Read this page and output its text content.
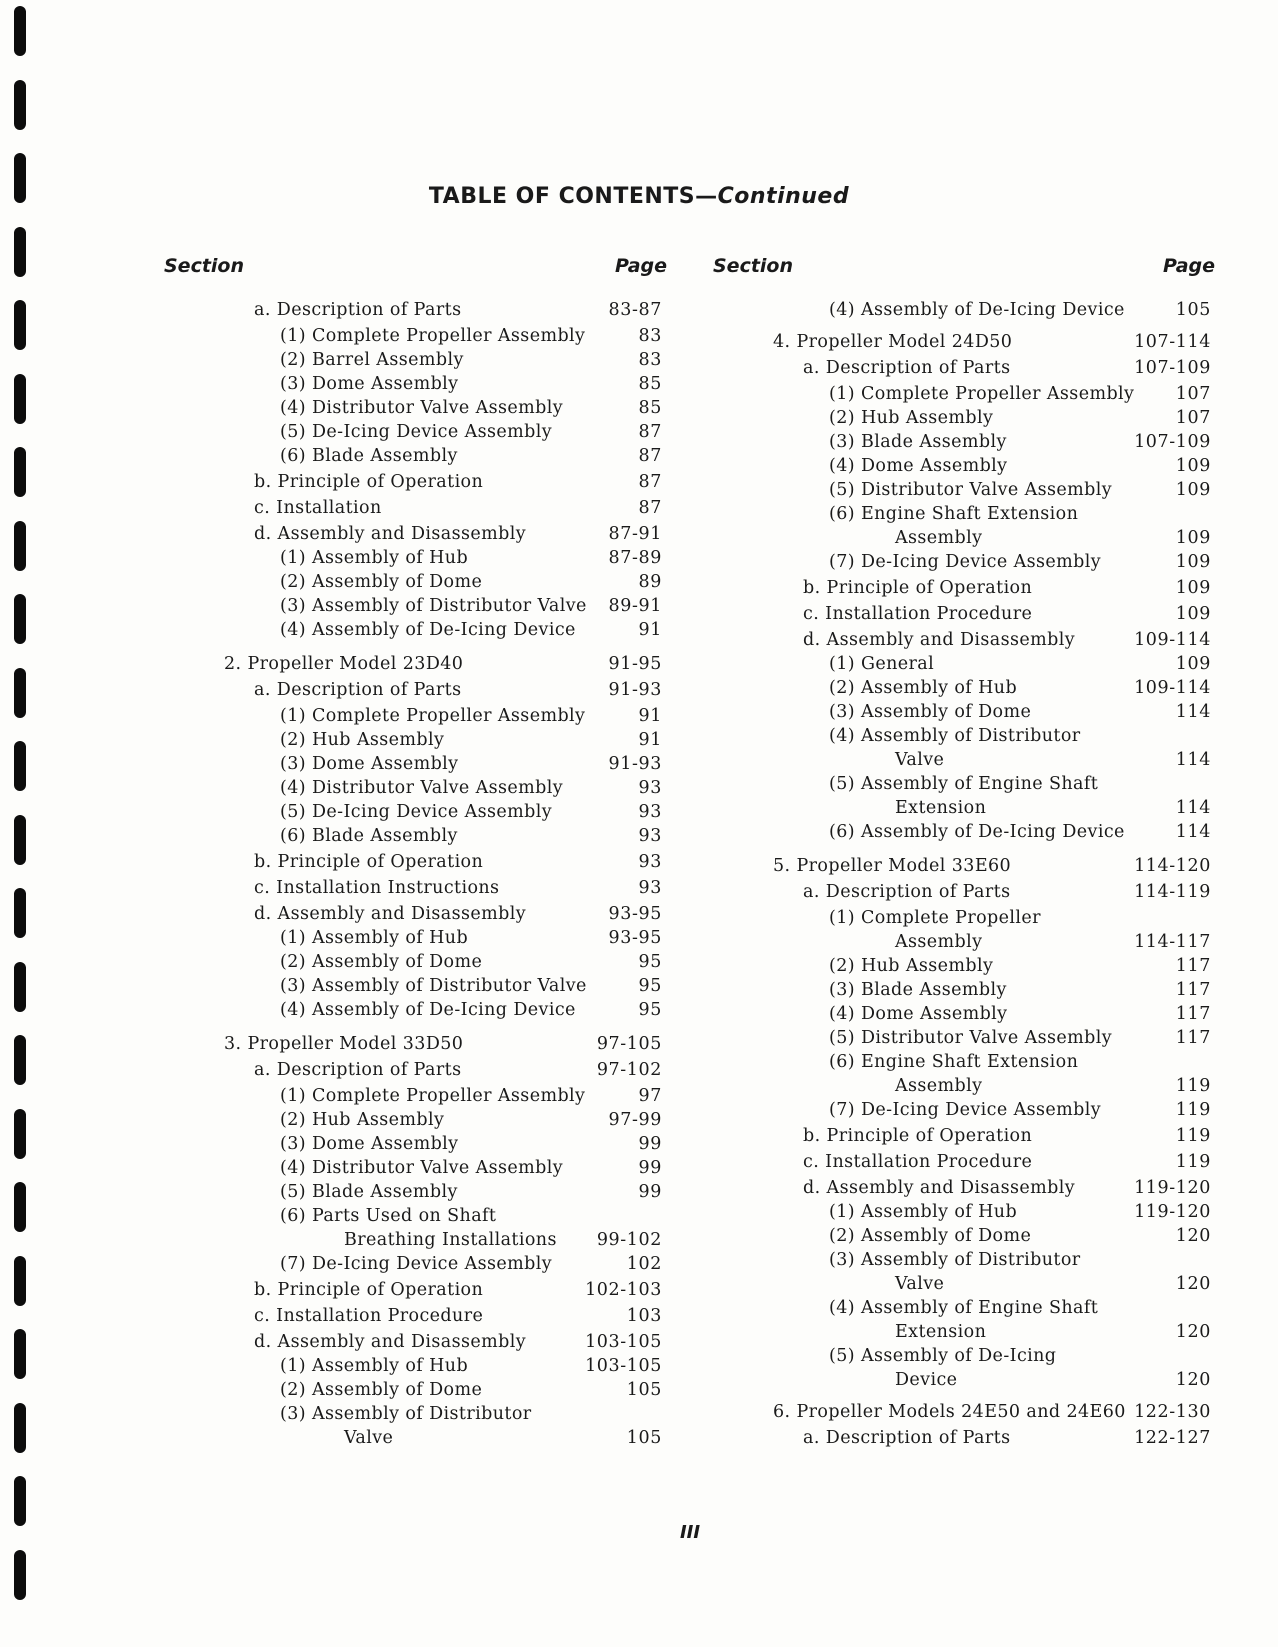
TABLE OF CONTENTS—Continued
Section	Page Section	Page
a. Description of Parts	83-87
(1) Complete Propeller Assembly	83
(2) Barrel Assembly	83
(3) Dome Assembly	85
(4) Distributor Valve Assembly	85
(5) De-Icing Device Assembly	87
(6) Blade Assembly	87
b. Principle of Operation	87
c. Installation	87
d. Assembly and Disassembly	87-91
(1) Assembly of Hub	87-89
(2) Assembly of Dome	89
(3) Assembly of Distributor Valve 89-91
(4) Assembly of De-Icing Device	91
2. Propeller Model 23D40	91-95
a. Description of Parts	91-93
(1) Complete Propeller Assembly	91
(2) Hub Assembly	91
(3) Dome Assembly	91-93
(4) Distributor Valve Assembly	93
(5) De-Icing Device Assembly	93
(6) Blade Assembly	93
b. Principle of Operation	93
c. Installation Instructions	93
d. Assembly and Disassembly	93-95
(1) Assembly of Hub	93-95
(2) Assembly of Dome	95
(3) Assembly of Distributor Valve	95
(4) Assembly of De-Icing Device	95
3. Propeller Model 33D50	97-105
a. Description of Parts	97-102
(1) Complete Propeller Assembly	97
(2) Hub Assembly	97-99
(3) Dome Assembly	99
(4) Distributor Valve Assembly	99
(5) Blade Assembly	99
(6) Parts Used on Shaft
Breathing Installations 99-102
(7) De-Icing Device Assembly	102
b. Principle of Operation	102-103
c. Installation Procedure	103
d. Assembly and Disassembly	103-105
(1) Assembly of Hub	103-105
(2) Assembly of Dome	105
(3) Assembly of Distributor
Valve	105
(4) Assembly of De-Icing Device	105
4. Propeller Model 24D50	107-114
a. Description of Parts	107-109
(1) Complete Propeller Assembly 107
(2) Hub Assembly	107
(3) Blade Assembly	107-109
(4) Dome Assembly	109
(5) Distributor Valve Assembly	109
(6) Engine Shaft Extension
Assembly	109
(7) De-Icing Device Assembly	109
b. Principle of Operation	109
c. Installation Procedure	109
d. Assembly and Disassembly	109-114
(1) General	109
(2) Assembly of Hub	109-114
(3) Assembly of Dome	114
(4) Assembly of Distributor
Valve	114
(5) Assembly of Engine Shaft
Extension	114
(6) Assembly of De-Icing Device	114
5. Propeller Model 33E60	114-120
a. Description of Parts	114-119
(1) Complete Propeller
Assembly	114-117
(2) Hub Assembly	117
(3) Blade Assembly	117
(4) Dome Assembly	117
(5) Distributor Valve Assembly	117
(6) Engine Shaft Extension
Assembly	119
(7) De-Icing Device Assembly	119
b. Principle of Operation	119
c. Installation Procedure	119
d. Assembly and Disassembly	119-120
(1) Assembly of Hub	119-120
(2) Assembly of Dome	120
(3) Assembly of Distributor
Valve	120
(4) Assembly of Engine Shaft
Extension	120
(5) Assembly of De-Icing
Device	120
6. Propeller Models 24E50 and 24E60 122-130
a. Description of Parts	122-127
III
